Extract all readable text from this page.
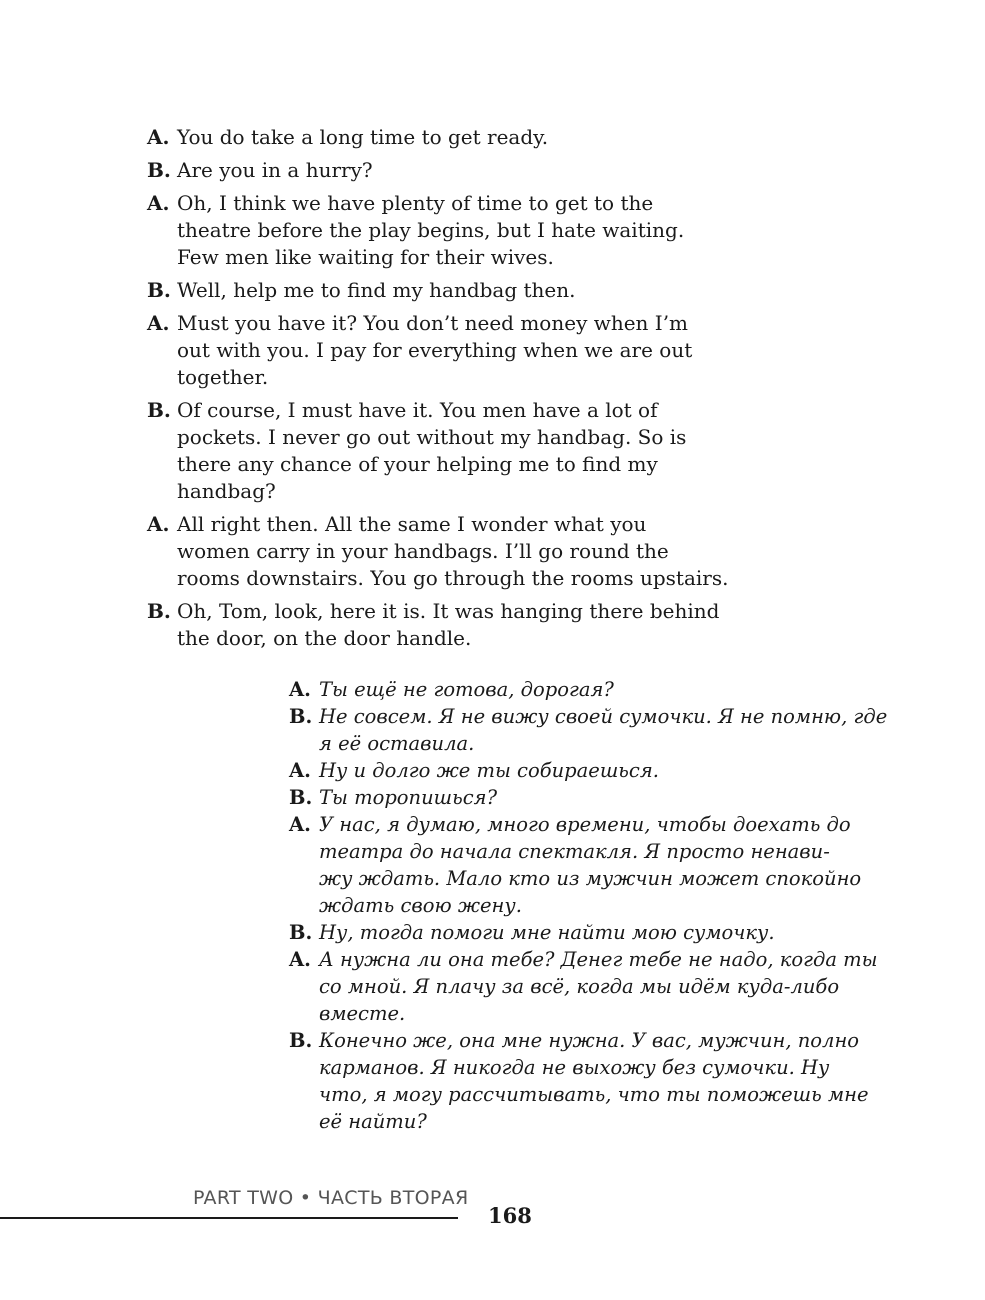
A. You do take a long time to get ready.
B. Are you in a hurry?
A. Oh, I think we have plenty of time to get to the
theatre before the play begins, but I hate waiting.
Few men like waiting for their wives.
B. Well, help me to find my handbag then.
A. Must you have it? You don’t need money when I’m
out with you. I pay for everything when we are out
together.
B. Of course, I must have it. You men have a lot of
pockets. I never go out without my handbag. So is
there any chance of your helping me to find my
handbag?
A. All right then. All the same I wonder what you
women carry in your handbags. I’ll go round the
rooms downstairs. You go through the rooms upstairs.
B. Oh, Tom, look, here it is. It was hanging there behind
the door, on the door handle.
A. Ты ещё не готова, дорогая?
B. Не совсем. Я не вижу своей сумочки. Я не помню, где
я её оставила.
A. Ну и долго же ты собираешься.
B. Ты торопишься?
A. У нас, я думаю, много времени, чтобы доехать до
театра до начала спектакля. Я просто ненави-
жу ждать. Мало кто из мужчин может спокойно
ждать свою жену.
B. Ну, тогда помоги мне найти мою сумочку.
A. А нужна ли она тебе? Денег тебе не надо, когда ты
со мной. Я плачу за всё, когда мы идём куда-либо
вместе.
B. Конечно же, она мне нужна. У вас, мужчин, полно
карманов. Я никогда не выхожу без сумочки. Ну
что, я могу рассчитывать, что ты поможешь мне
её найти?
PART TWO • ЧАСТЬ ВТОРАЯ
168
